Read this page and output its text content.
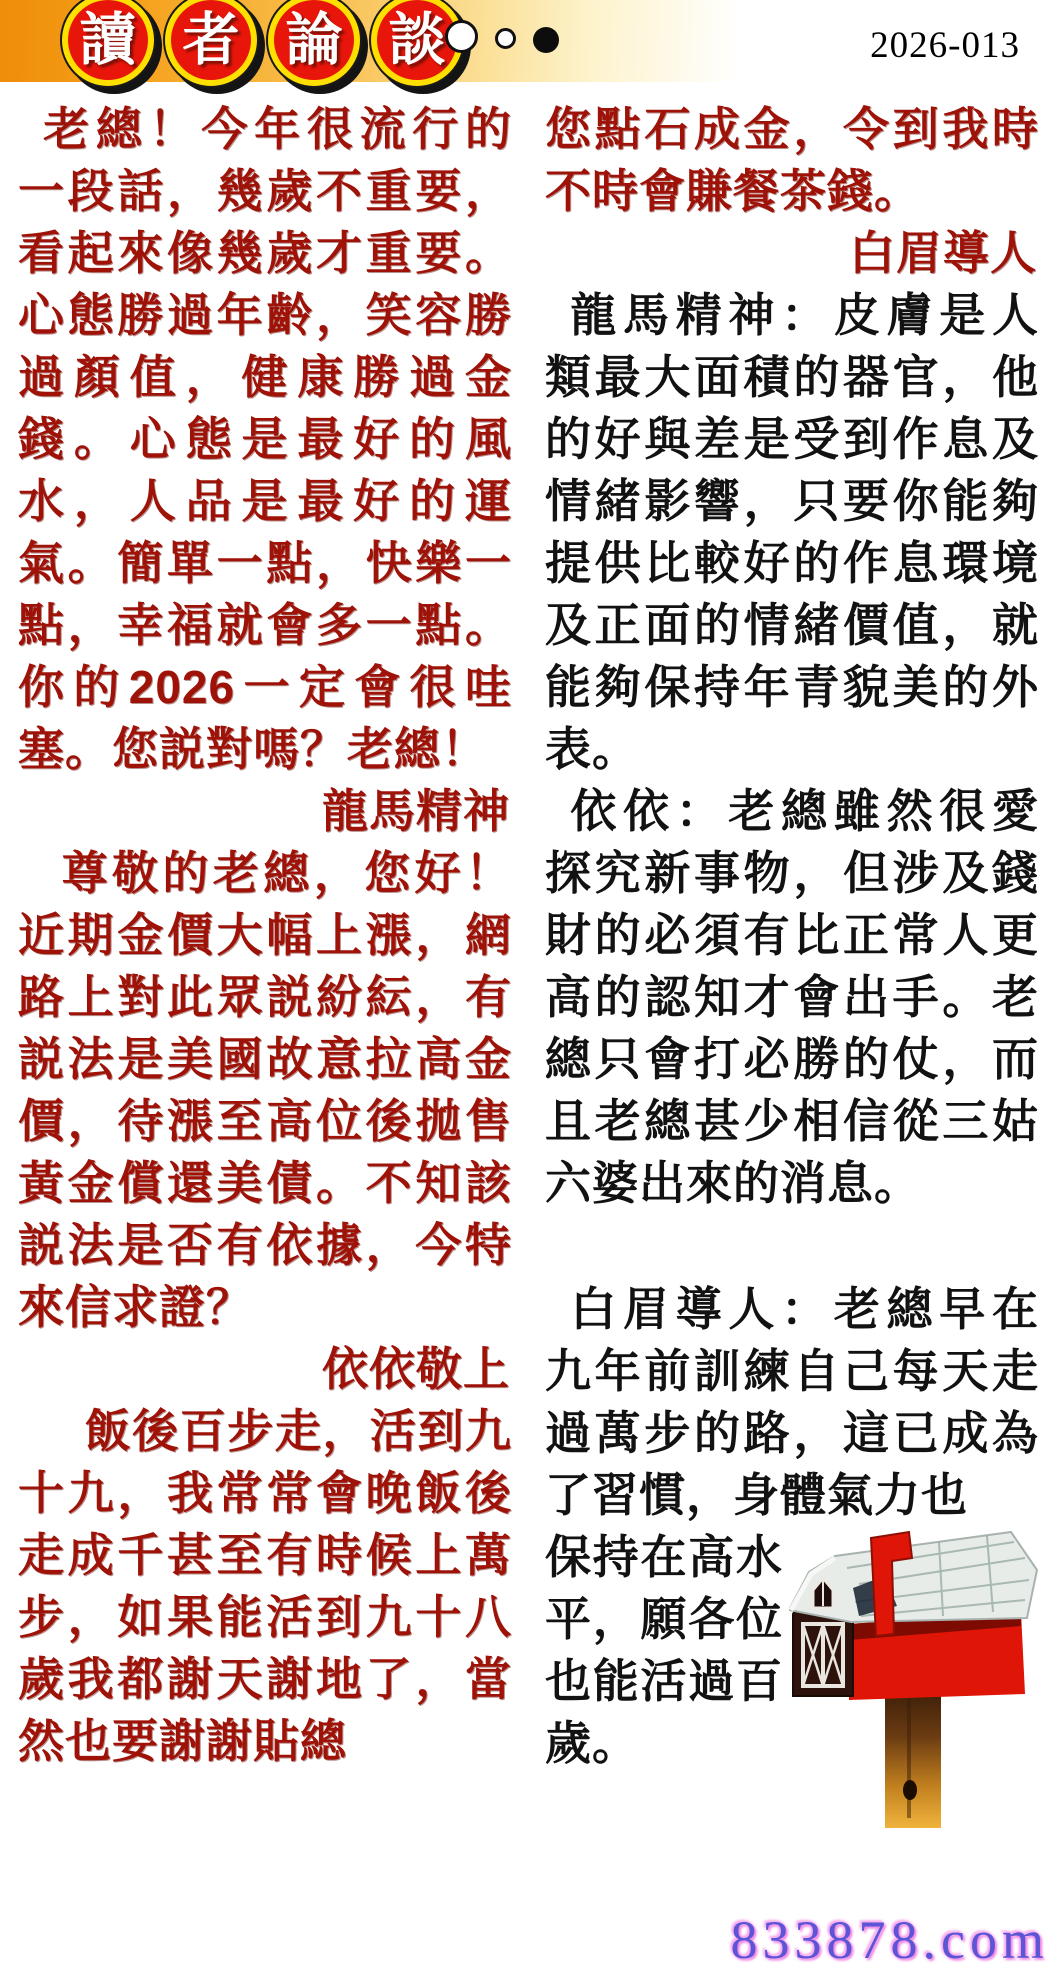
讀 者 論 談	2026-013

老總！今年很流行的一段話，幾歲不重要，看起來像幾歲才重要。心態勝過年齡，笑容勝過顏值，健康勝過金錢。心態是最好的風水，人品是最好的運氣。簡單一點，快樂一點，幸福就會多一點。你的2026一定會很哇塞。您説對嗎？老總！

龍馬精神

尊敬的老總，您好！近期金價大幅上漲，網路上對此眾説紛紜，有説法是美國故意拉高金價，待漲至高位後拋售黃金償還美債。不知該説法是否有依據，今特來信求證？

依依敬上

飯後百步走，活到九十九，我常常會晚飯後走成千甚至有時候上萬步，如果能活到九十八歲我都謝天謝地了，當然也要謝謝貼總

您點石成金，令到我時不時會賺餐茶錢。

白眉導人

龍馬精神：皮膚是人類最大面積的器官，他的好與差是受到作息及情緒影響，只要你能夠提供比較好的作息環境及正面的情緒價值，就能夠保持年青貌美的外表。

依依：老總雖然很愛探究新事物，但涉及錢財的必須有比正常人更高的認知才會出手。老總只會打必勝的仗，而且老總甚少相信從三姑六婆出來的消息。

白眉導人：老總早在九年前訓練自己每天走過萬步的路，這已成為了習慣，身體氣力也

保持在高水平，願各位也能活過百歲。

833878.com
